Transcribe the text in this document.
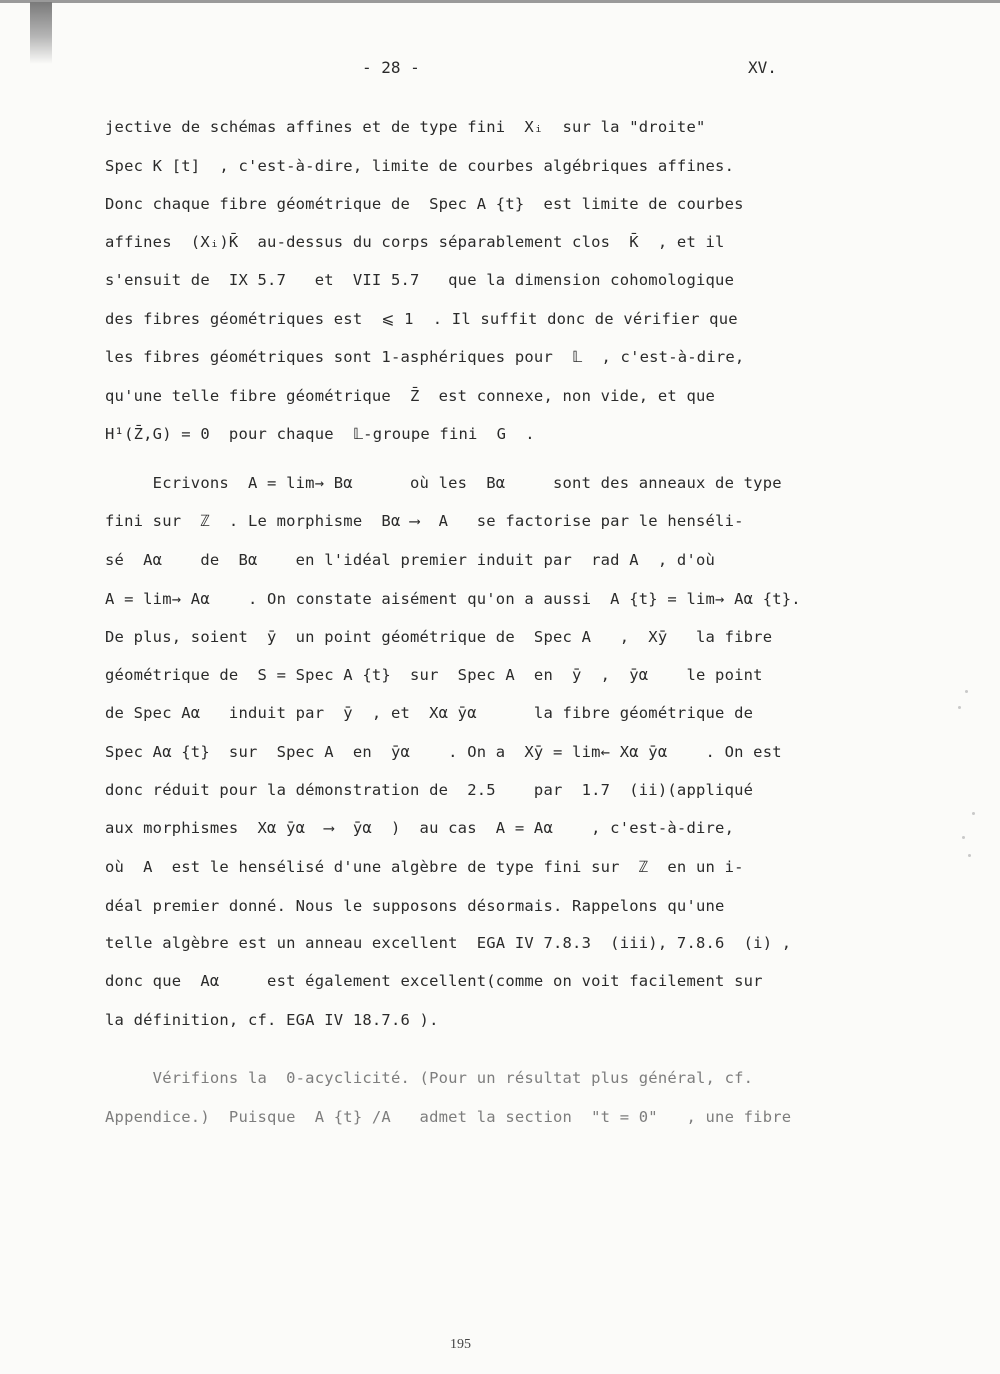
- 28 -	XV.
jective de schémas affines et de type fini  Xᵢ  sur la "droite"
Spec K [t]  , c'est-à-dire, limite de courbes algébriques affines.
Donc chaque fibre géométrique de  Spec A {t}  est limite de courbes
affines  (Xᵢ)K̄  au-dessus du corps séparablement clos  K̄  , et il
s'ensuit de  IX 5.7   et  VII 5.7   que la dimension cohomologique
des fibres géométriques est  ⩽ 1  . Il suffit donc de vérifier que
les fibres géométriques sont 1-asphériques pour  𝕃  , c'est-à-dire,
qu'une telle fibre géométrique  Z̄  est connexe, non vide, et que
H¹(Z̄,G) = 0  pour chaque  𝕃-groupe fini  G  .
Ecrivons  A = lim→ Bα      où les  Bα     sont des anneaux de type
fini sur  ℤ  . Le morphisme  Bα ⟶  A   se factorise par le henséli-
sé  Aα    de  Bα    en l'idéal premier induit par  rad A  , d'où
A = lim→ Aα    . On constate aisément qu'on a aussi  A {t} = lim→ Aα {t}.
De plus, soient  ȳ  un point géométrique de  Spec A   ,  Xȳ   la fibre
géométrique de  S = Spec A {t}  sur  Spec A  en  ȳ  ,  ȳα    le point
de Spec Aα   induit par  ȳ  , et  Xα ȳα      la fibre géométrique de
Spec Aα {t}  sur  Spec A  en  ȳα    . On a  Xȳ = lim← Xα ȳα    . On est
donc réduit pour la démonstration de  2.5    par  1.7  (ii)(appliqué
aux morphismes  Xα ȳα  ⟶  ȳα  )  au cas  A = Aα    , c'est-à-dire,
où  A  est le hensélisé d'une algèbre de type fini sur  ℤ  en un i-
déal premier donné. Nous le supposons désormais. Rappelons qu'une
telle algèbre est un anneau excellent  EGA IV 7.8.3  (iii), 7.8.6  (i) ,
donc que  Aα     est également excellent(comme on voit facilement sur
la définition, cf. EGA IV 18.7.6 ).
Vérifions la  0-acyclicité. (Pour un résultat plus général, cf.
Appendice.)  Puisque  A {t} /A   admet la section  "t = 0"   , une fibre
195
